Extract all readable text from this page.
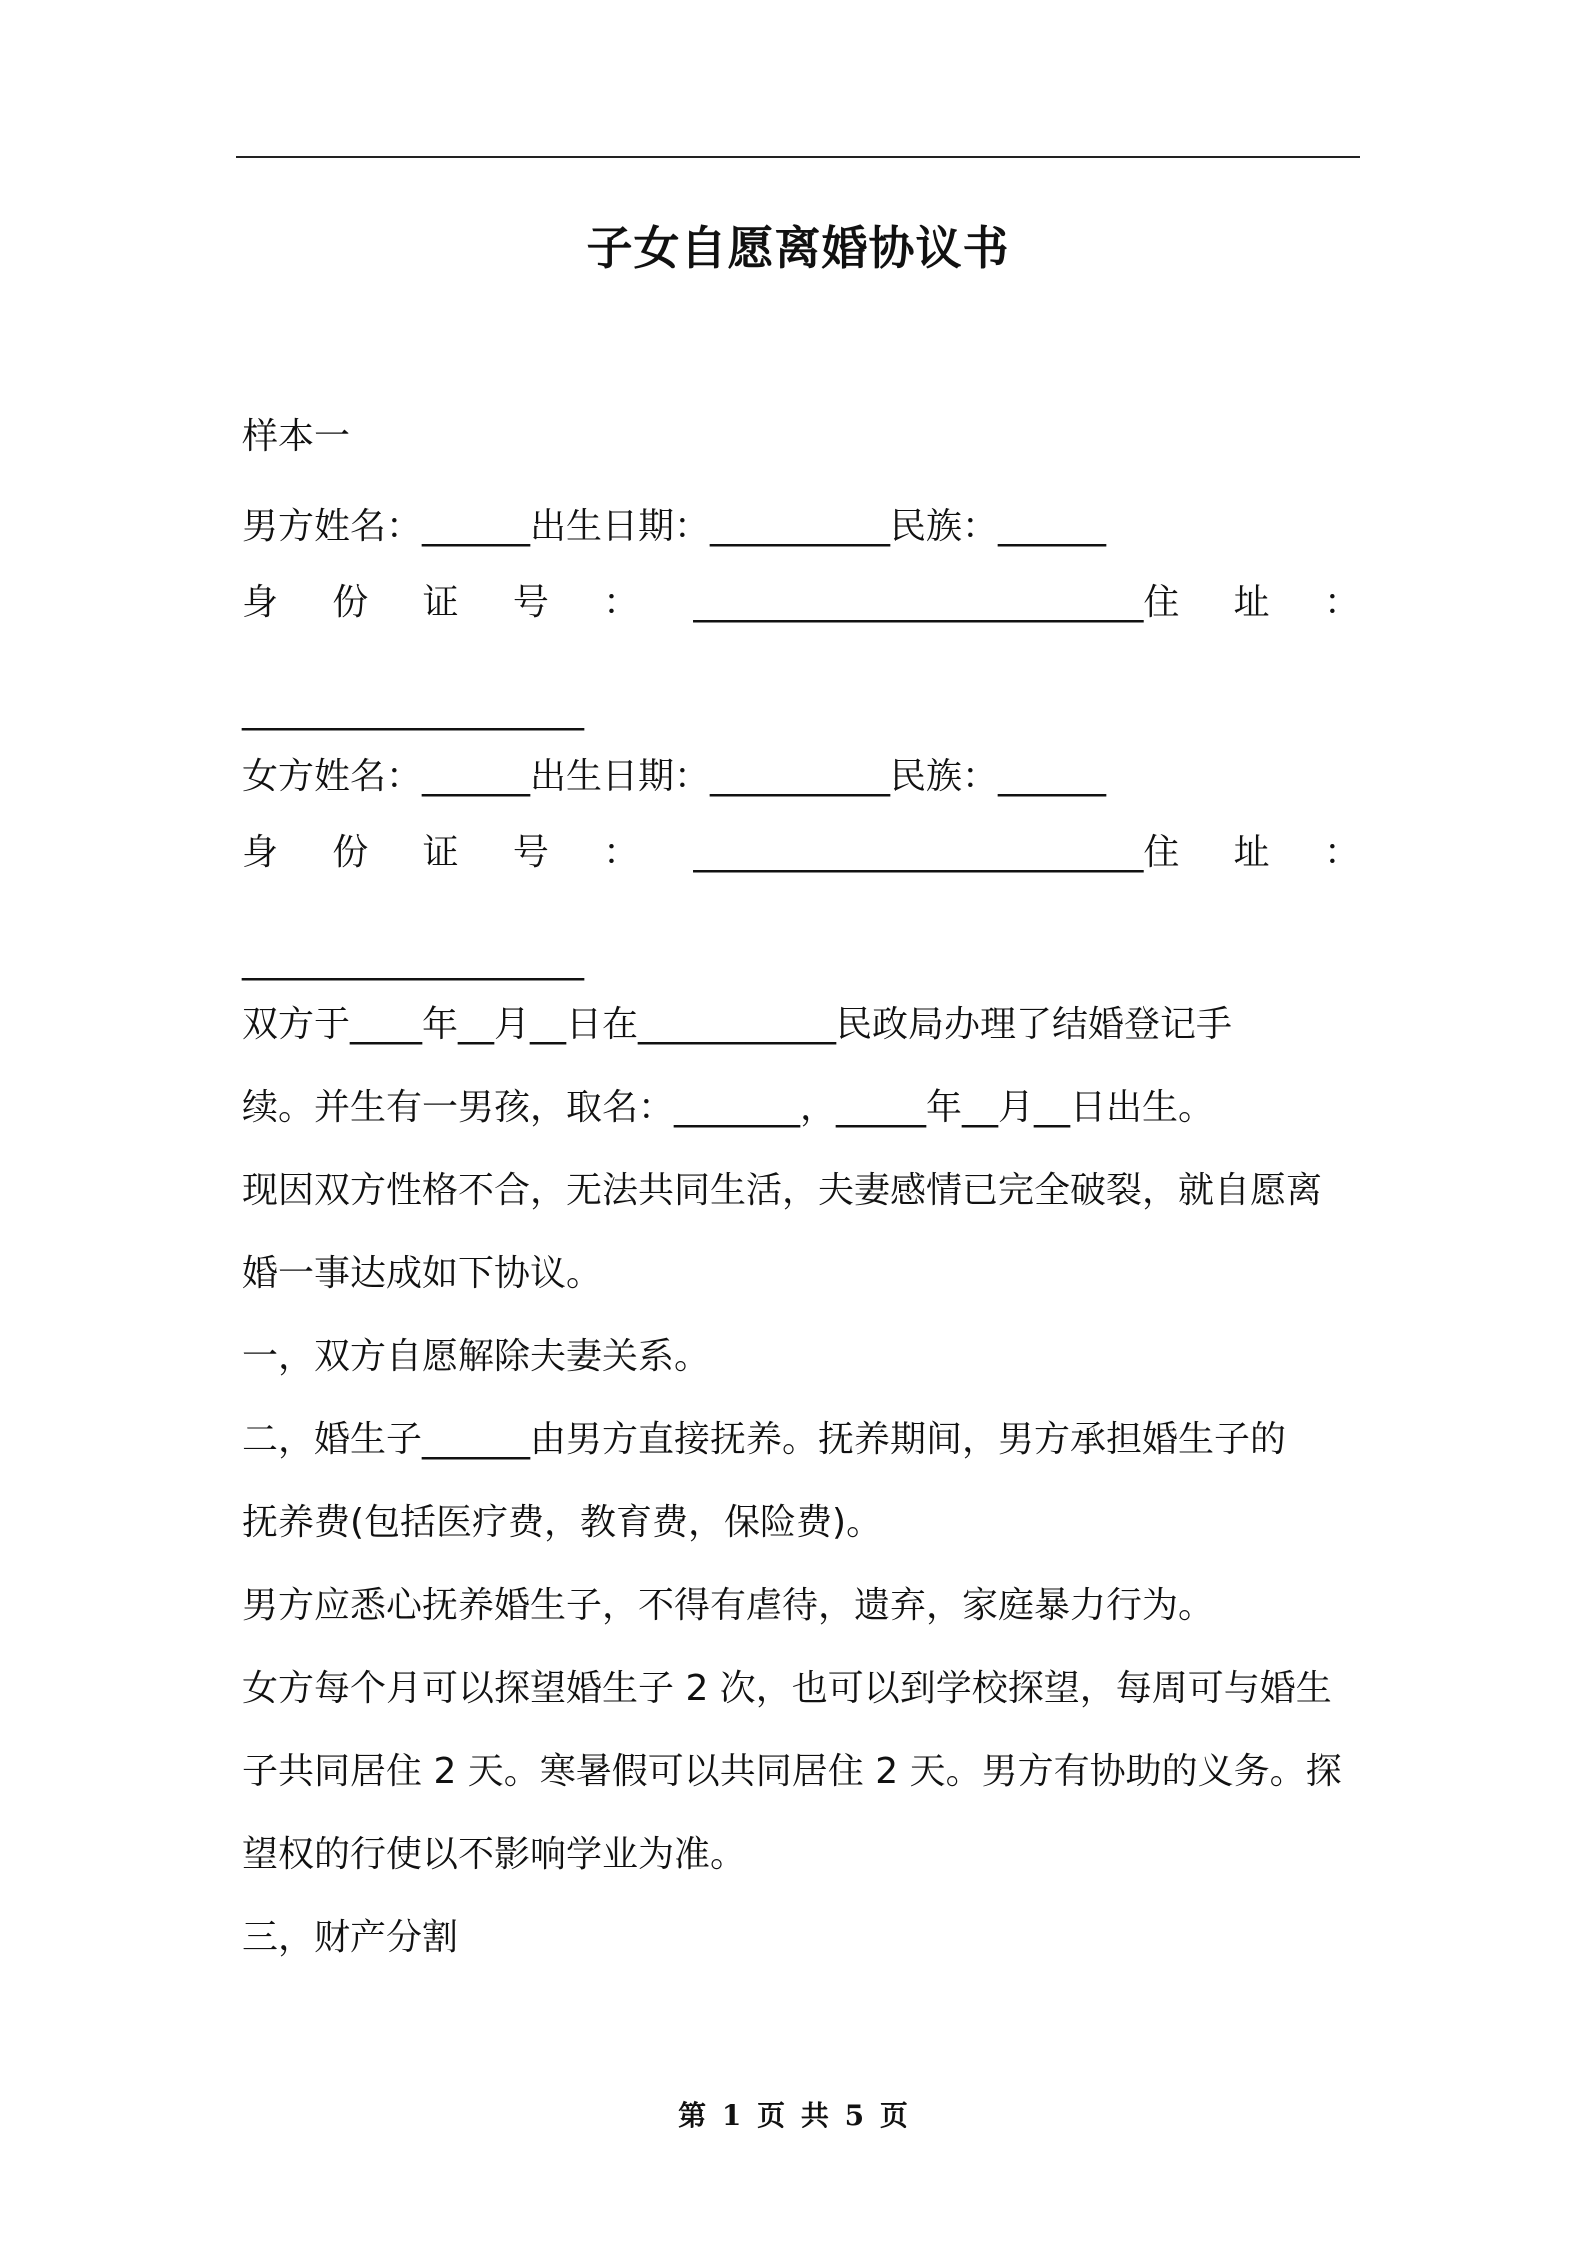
子女自愿离婚协议书

样本一

男方姓名：______出生日期：__________民族：______

身 份 证 号 ： _________________________住 址 ：

___________________

女方姓名：______出生日期：__________民族：______

身 份 证 号 ： _________________________住 址 ：

___________________

双方于____年__月__日在___________民政局办理了结婚登记手

续。并生有一男孩，取名：_______，_____年__月__日出生。

现因双方性格不合，无法共同生活，夫妻感情已完全破裂，就自愿离

婚一事达成如下协议。

一，双方自愿解除夫妻关系。

二，婚生子______由男方直接抚养。抚养期间，男方承担婚生子的

抚养费(包括医疗费，教育费，保险费)。

男方应悉心抚养婚生子，不得有虐待，遗弃，家庭暴力行为。

女方每个月可以探望婚生子 2 次，也可以到学校探望，每周可与婚生

子共同居住 2 天。寒暑假可以共同居住 2 天。男方有协助的义务。探

望权的行使以不影响学业为准。

三，财产分割

第 1 页 共 5 页
